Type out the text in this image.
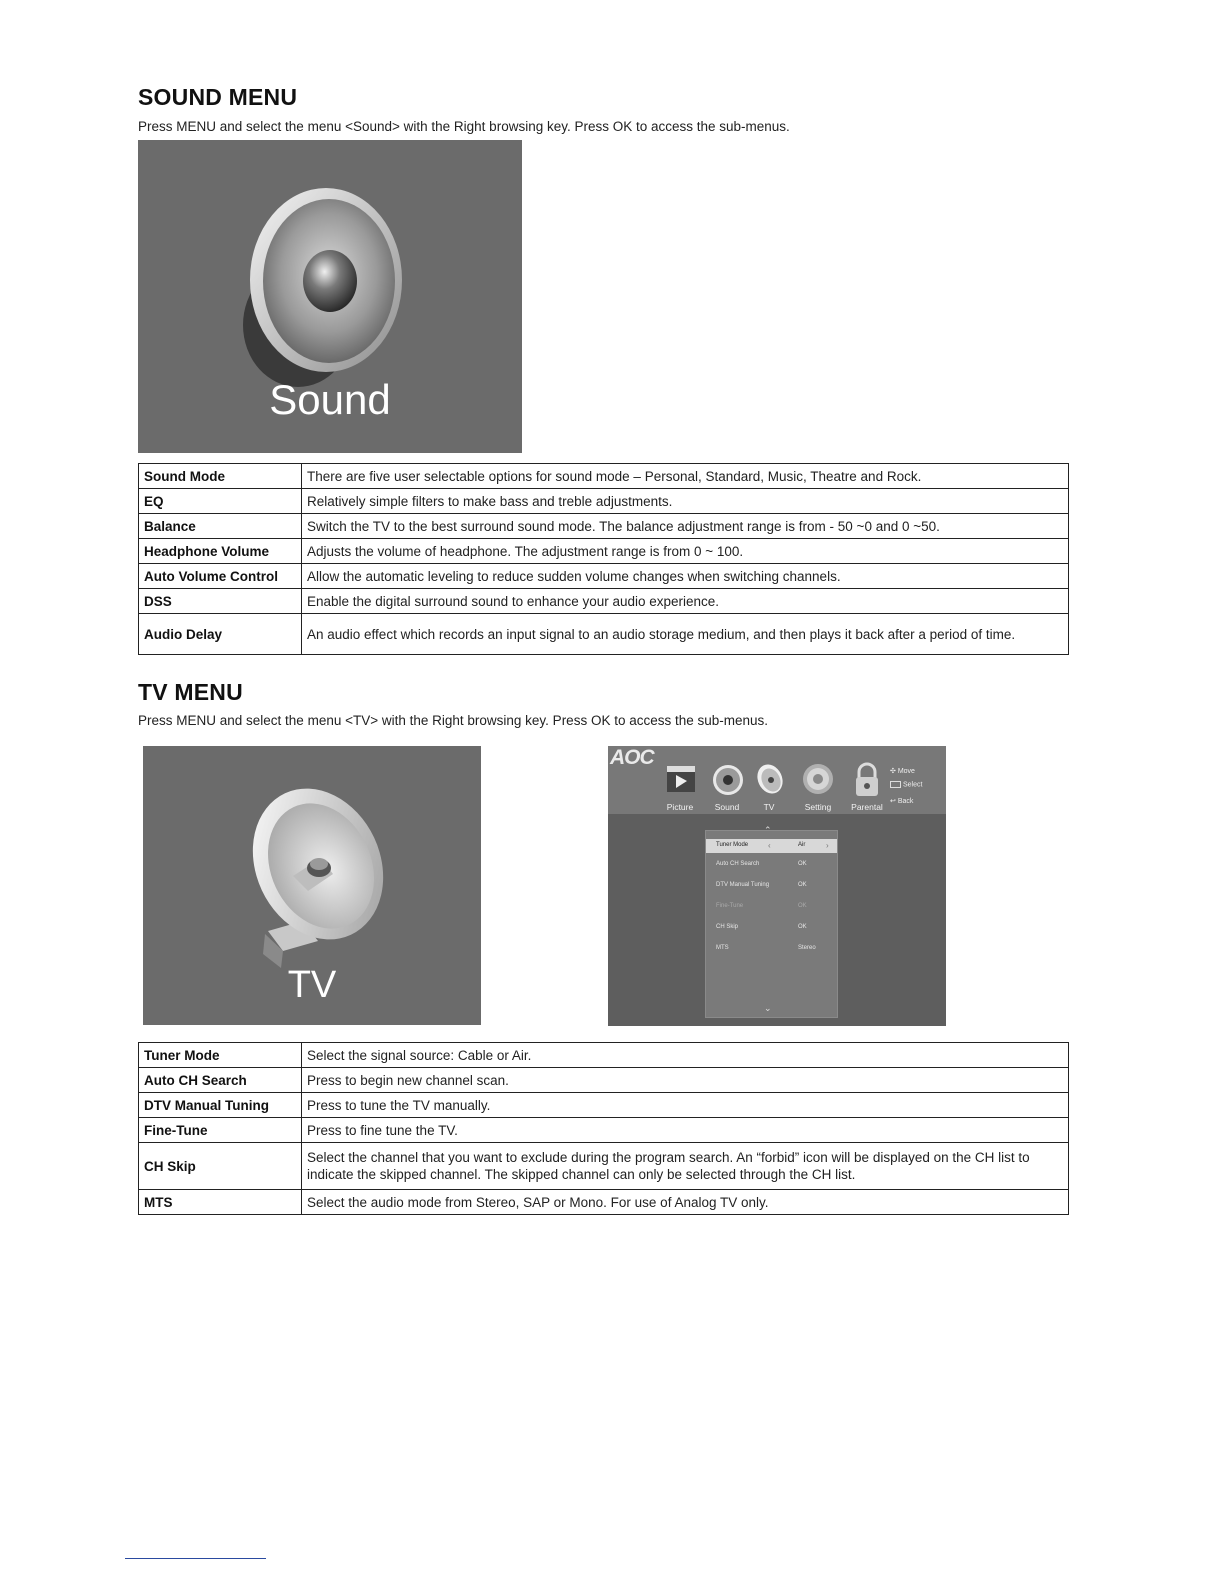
SOUND MENU

Press MENU and select the menu <Sound> with the Right browsing key. Press OK to access the sub-menus.

Sound
Sound Mode	There are five user selectable options for sound mode – Personal, Standard, Music, Theatre and Rock.
EQ	Relatively simple filters to make bass and treble adjustments.
Balance	Switch the TV to the best surround sound mode. The balance adjustment range is from - 50 ~0 and 0 ~50.
Headphone Volume	Adjusts the volume of headphone. The adjustment range is from 0 ~ 100.
Auto Volume Control	Allow the automatic leveling to reduce sudden volume changes when switching channels.
DSS	Enable the digital surround sound to enhance your audio experience.
Audio Delay	An audio effect which records an input signal to an audio storage medium, and then plays it back after a period of time.
TV MENU

Press MENU and select the menu <TV> with the Right browsing key. Press OK to access the sub-menus.

TV
AOC
Picture	Sound	TV	Setting	Parental
✣ Move
Select
↩ Back
⌃
Tuner Mode ‹	Air	›
Auto CH Search	OK
DTV Manual Tuning	OK
Fine-Tune	OK
CH Skip	OK
MTS	Stereo
⌄
Tuner Mode	Select the signal source: Cable or Air.
Auto CH Search	Press to begin new channel scan.
DTV Manual Tuning	Press to tune the TV manually.
Fine-Tune	Press to fine tune the TV.
CH Skip	Select the channel that you want to exclude during the program search. An “forbid” icon will be displayed on the CH list to indicate the skipped channel. The skipped channel can only be selected through the CH list.
MTS	Select the audio mode from Stereo, SAP or Mono. For use of Analog TV only.
